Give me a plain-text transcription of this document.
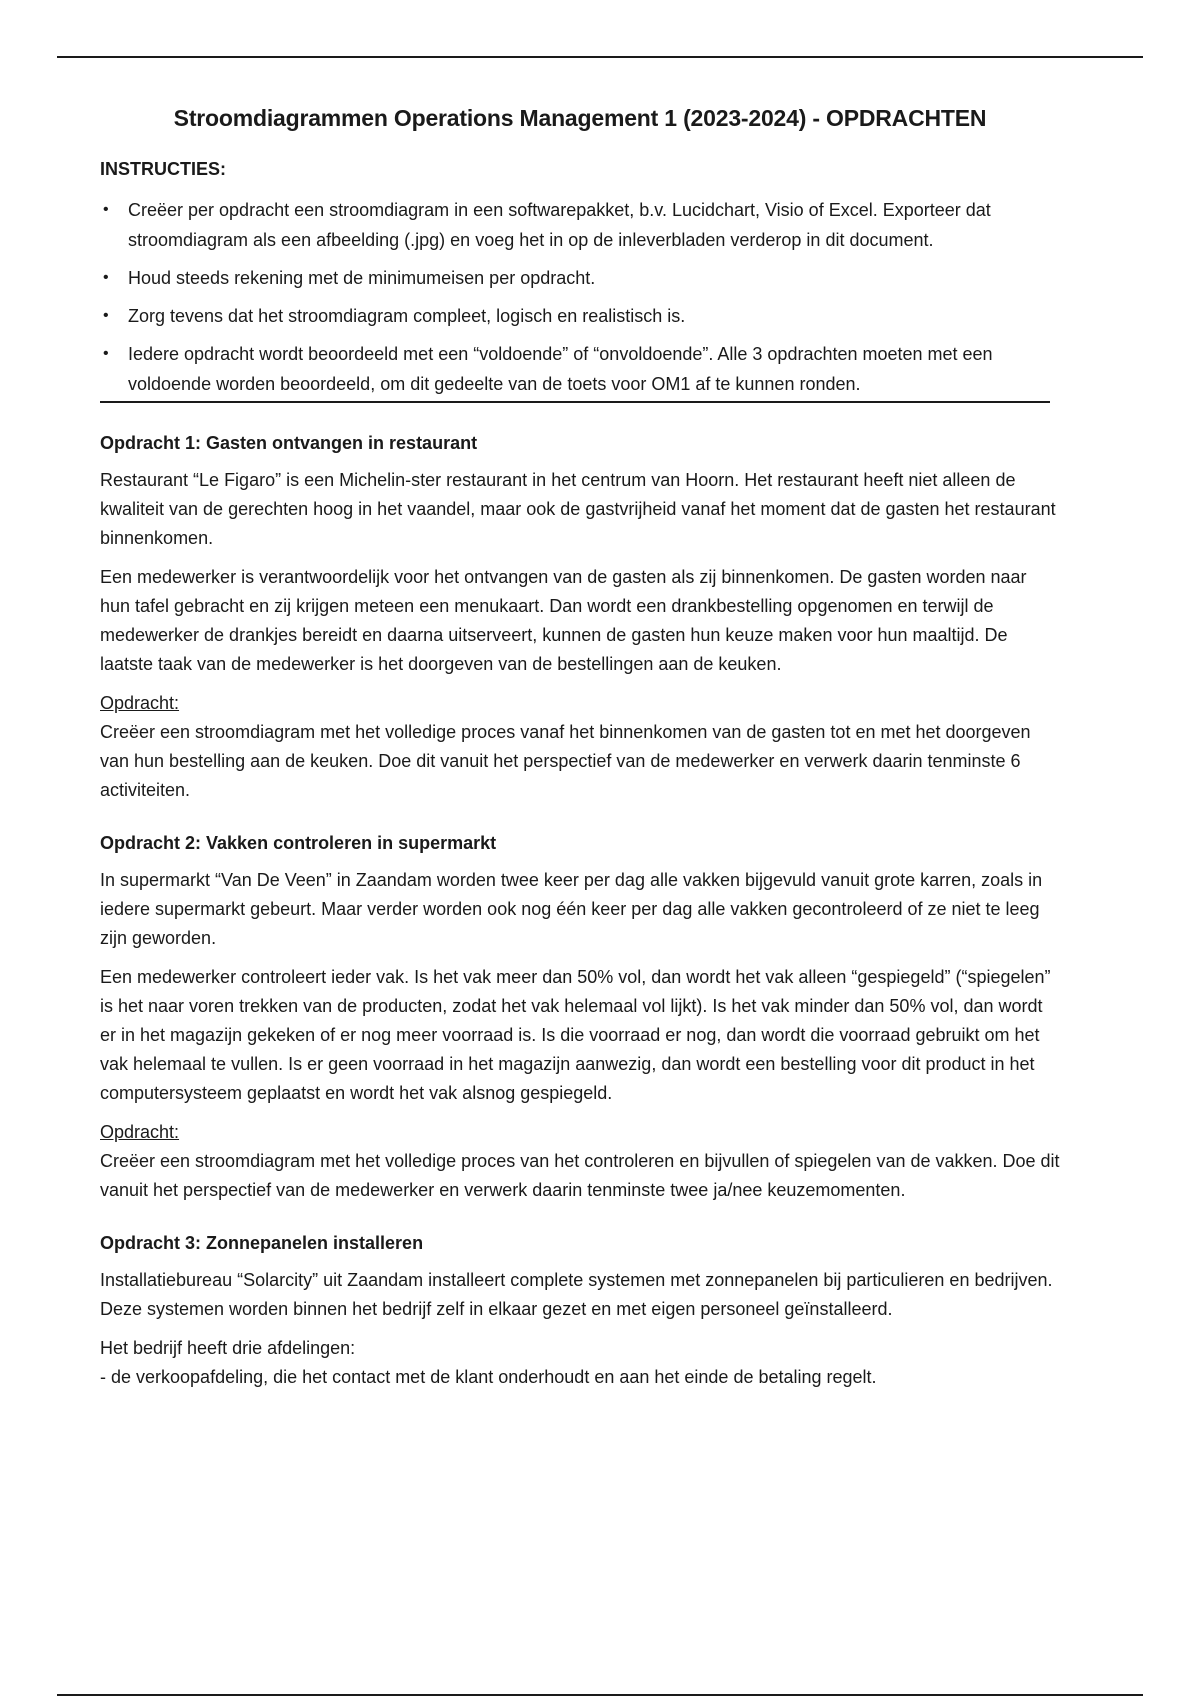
Stroomdiagrammen Operations Management 1 (2023-2024) - OPDRACHTEN
INSTRUCTIES:
• Creëer per opdracht een stroomdiagram in een softwarepakket, b.v. Lucidchart, Visio of Excel. Exporteer dat stroomdiagram als een afbeelding (.jpg) en voeg het in op de inleverbladen verderop in dit document.
• Houd steeds rekening met de minimumeisen per opdracht.
• Zorg tevens dat het stroomdiagram compleet, logisch en realistisch is.
• Iedere opdracht wordt beoordeeld met een “voldoende” of “onvoldoende”. Alle 3 opdrachten moeten met een voldoende worden beoordeeld, om dit gedeelte van de toets voor OM1 af te kunnen ronden.
Opdracht 1: Gasten ontvangen in restaurant

Restaurant “Le Figaro” is een Michelin-ster restaurant in het centrum van Hoorn. Het restaurant heeft niet alleen de kwaliteit van de gerechten hoog in het vaandel, maar ook de gastvrijheid vanaf het moment dat de gasten het restaurant binnenkomen.

Een medewerker is verantwoordelijk voor het ontvangen van de gasten als zij binnenkomen. De gasten worden naar hun tafel gebracht en zij krijgen meteen een menukaart. Dan wordt een drankbestelling opgenomen en terwijl de medewerker de drankjes bereidt en daarna uitserveert, kunnen de gasten hun keuze maken voor hun maaltijd. De laatste taak van de medewerker is het doorgeven van de bestellingen aan de keuken.

Opdracht:

Creëer een stroomdiagram met het volledige proces vanaf het binnenkomen van de gasten tot en met het doorgeven van hun bestelling aan de keuken. Doe dit vanuit het perspectief van de medewerker en verwerk daarin tenminste 6 activiteiten.

Opdracht 2: Vakken controleren in supermarkt

In supermarkt “Van De Veen” in Zaandam worden twee keer per dag alle vakken bijgevuld vanuit grote karren, zoals in iedere supermarkt gebeurt. Maar verder worden ook nog één keer per dag alle vakken gecontroleerd of ze niet te leeg zijn geworden.

Een medewerker controleert ieder vak. Is het vak meer dan 50% vol, dan wordt het vak alleen “gespiegeld” (“spiegelen” is het naar voren trekken van de producten, zodat het vak helemaal vol lijkt). Is het vak minder dan 50% vol, dan wordt er in het magazijn gekeken of er nog meer voorraad is. Is die voorraad er nog, dan wordt die voorraad gebruikt om het vak helemaal te vullen. Is er geen voorraad in het magazijn aanwezig, dan wordt een bestelling voor dit product in het computersysteem geplaatst en wordt het vak alsnog gespiegeld.

Opdracht:

Creëer een stroomdiagram met het volledige proces van het controleren en bijvullen of spiegelen van de vakken. Doe dit vanuit het perspectief van de medewerker en verwerk daarin tenminste twee ja/nee keuzemomenten.

Opdracht 3: Zonnepanelen installeren

Installatiebureau “Solarcity” uit Zaandam installeert complete systemen met zonnepanelen bij particulieren en bedrijven. Deze systemen worden binnen het bedrijf zelf in elkaar gezet en met eigen personeel geïnstalleerd.

Het bedrijf heeft drie afdelingen:
- de verkoopafdeling, die het contact met de klant onderhoudt en aan het einde de betaling regelt.
